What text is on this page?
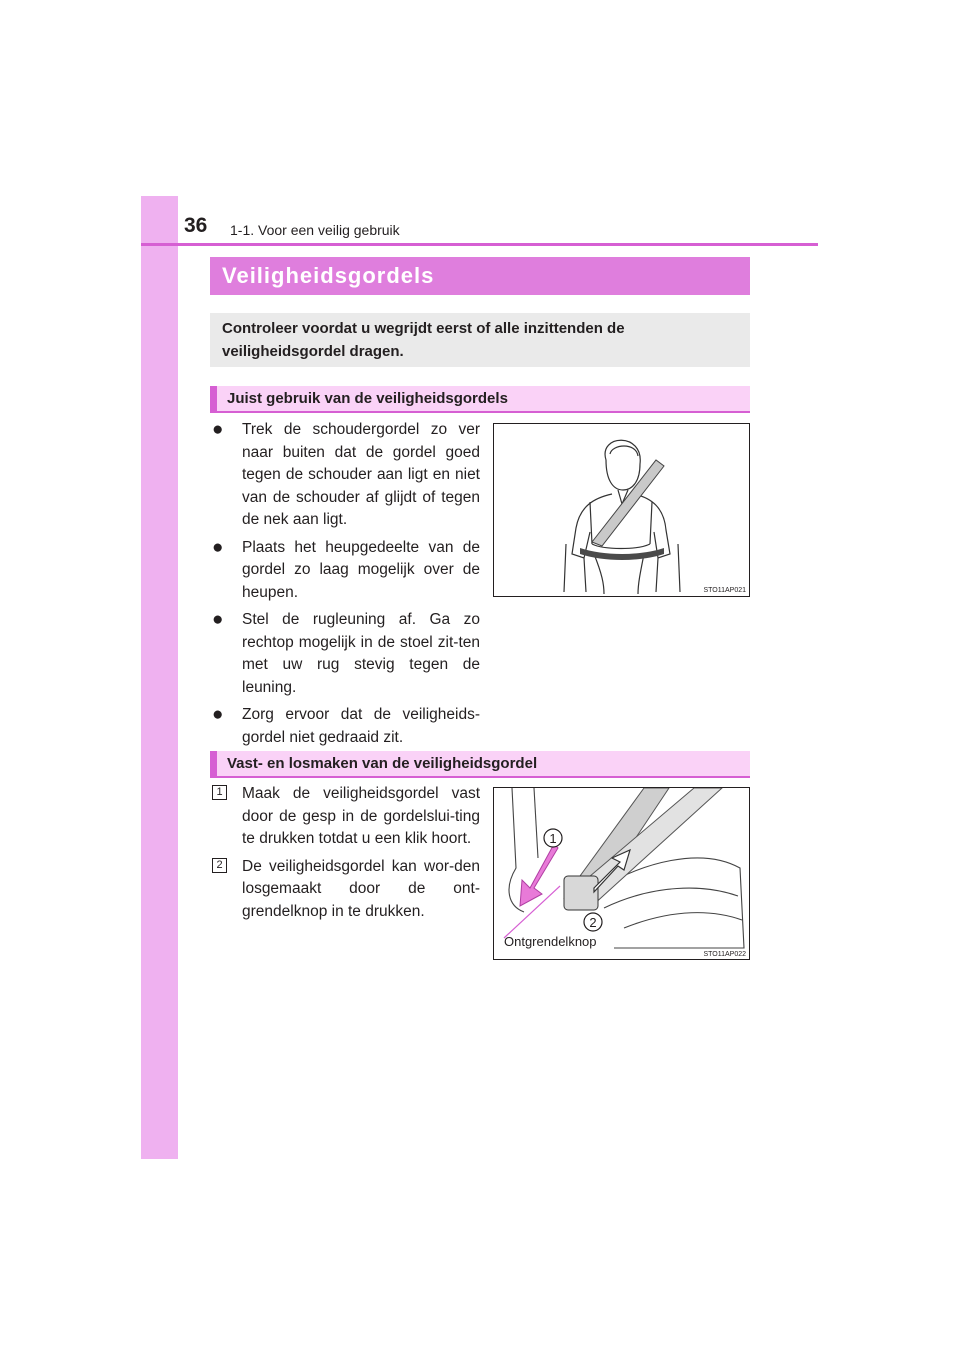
36 1-1. Voor een veilig gebruik
Veiligheidsgordels
Controleer voordat u wegrijdt eerst of alle inzittenden de veiligheidsgordel dragen.
Juist gebruik van de veiligheidsgordels
● Trek de schoudergordel zo ver naar buiten dat de gordel goed tegen de schouder aan ligt en niet van de schouder af glijdt of tegen de nek aan ligt.
● Plaats het heupgedeelte van de gordel zo laag mogelijk over de heupen.
● Stel de rugleuning af. Ga zo rechtop mogelijk in de stoel zit-ten met uw rug stevig tegen de leuning.
● Zorg ervoor dat de veiligheids-gordel niet gedraaid zit.
STO11AP021
Vast- en losmaken van de veiligheidsgordel
1 Maak de veiligheidsgordel vast door de gesp in de gordelslui-ting te drukken totdat u een klik hoort.
2 De veiligheidsgordel kan wor-den losgemaakt door de ont-grendelknop in te drukken.
1
2
Ontgrendelknop
STO11AP022
